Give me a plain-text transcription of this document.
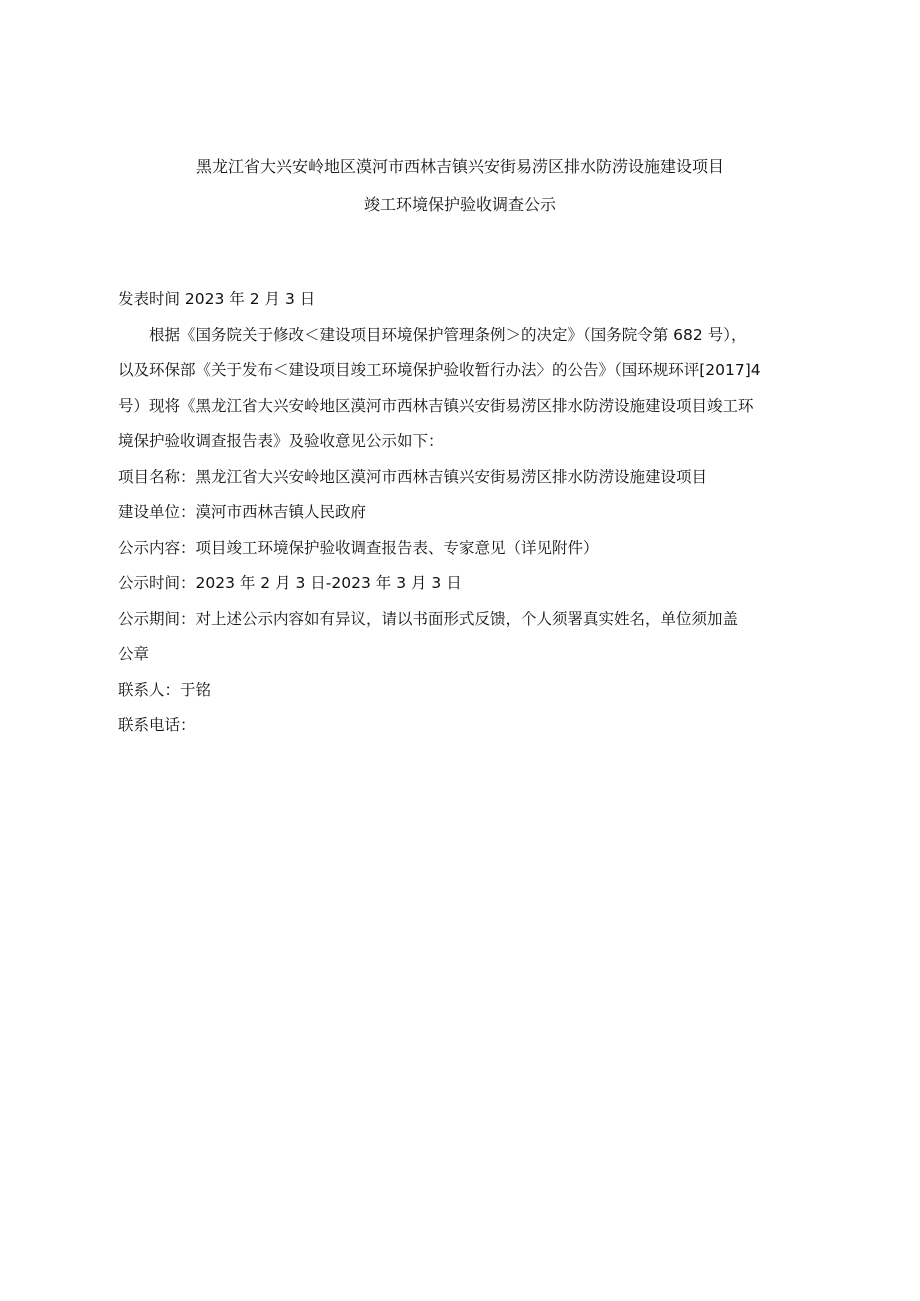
黑龙江省大兴安岭地区漠河市西林吉镇兴安街易涝区排水防涝设施建设项目
竣工环境保护验收调查公示
发表时间 2023 年 2 月 3 日
根据《国务院关于修改＜建设项目环境保护管理条例＞的决定》（国务院令第 682 号），
以及环保部《关于发布＜建设项目竣工环境保护验收暂行办法〉的公告》（国环规环评[2017]4
号）现将《黑龙江省大兴安岭地区漠河市西林吉镇兴安街易涝区排水防涝设施建设项目竣工环
境保护验收调查报告表》及验收意见公示如下：
项目名称：黑龙江省大兴安岭地区漠河市西林吉镇兴安街易涝区排水防涝设施建设项目
建设单位：漠河市西林吉镇人民政府
公示内容：项目竣工环境保护验收调查报告表、专家意见（详见附件）
公示时间：2023 年 2 月 3 日-2023 年 3 月 3 日
公示期间：对上述公示内容如有异议，请以书面形式反馈，个人须署真实姓名，单位须加盖
公章
联系人：于铭
联系电话：
